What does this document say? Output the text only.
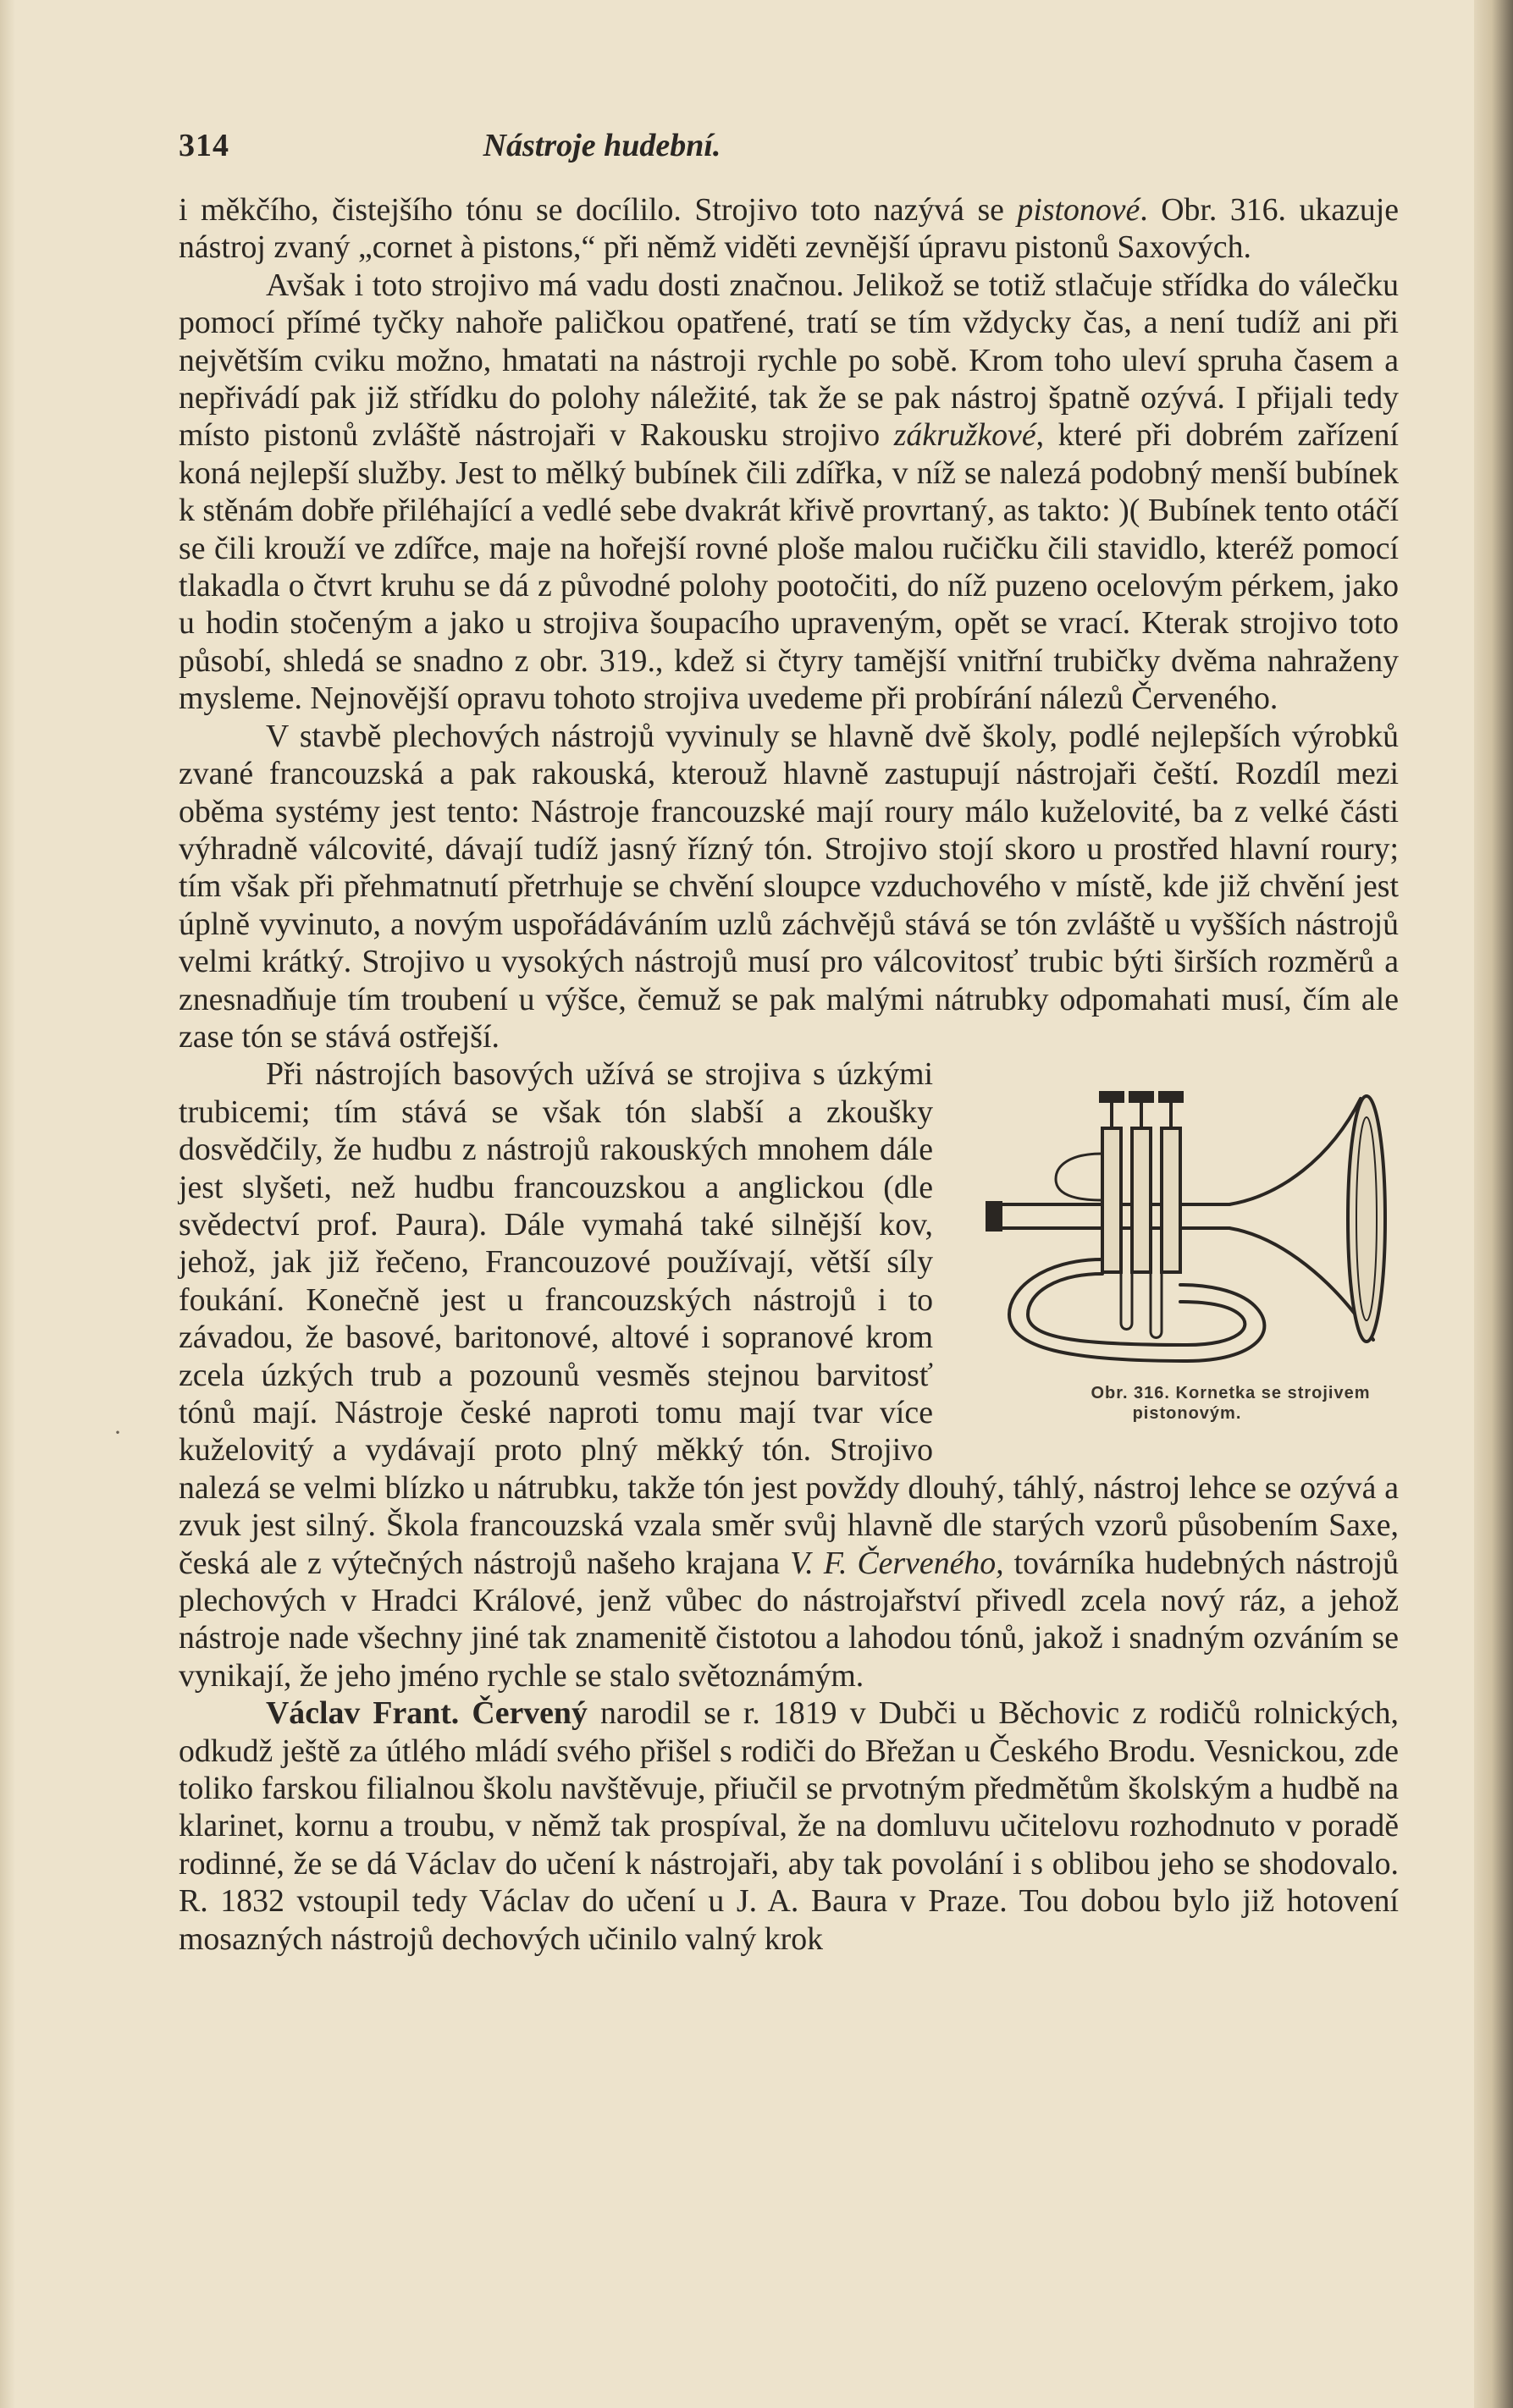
314	Nástroje hudební.

i měkčího, čistejšího tónu se docílilo. Strojivo toto nazývá se pistonové. Obr. 316. ukazuje nástroj zvaný „cornet à pistons,“ při němž viděti zevnější úpravu pistonů Saxových.

Avšak i toto strojivo má vadu dosti značnou. Jelikož se totiž stlačuje střídka do válečku pomocí přímé tyčky nahoře paličkou opatřené, tratí se tím vždycky čas, a není tudíž ani při největším cviku možno, hmatati na nástroji rychle po sobě. Krom toho uleví spruha časem a nepřivádí pak již střídku do polohy náležité, tak že se pak nástroj špatně ozývá. I přijali tedy místo pistonů zvláště nástrojaři v Rakousku strojivo zákružkové, které při dobrém zařízení koná nejlepší služby. Jest to mělký bubínek čili zdířka, v níž se nalezá podobný menší bubínek k stěnám dobře přiléhající a vedlé sebe dvakrát křivě provrtaný, as takto: )( Bubínek tento otáčí se čili krouží ve zdířce, maje na hořejší rovné ploše malou ručičku čili stavidlo, kteréž pomocí tlakadla o čtvrt kruhu se dá z původné polohy pootočiti, do níž puzeno ocelovým pérkem, jako u hodin stočeným a jako u strojiva šoupacího upraveným, opět se vrací. Kterak strojivo toto působí, shledá se snadno z obr. 319., kdež si čtyry tamější vnitřní trubičky dvěma nahraženy mysleme. Nejnovější opravu tohoto strojiva uvedeme při probírání nálezů Červeného.

V stavbě plechových nástrojů vyvinuly se hlavně dvě školy, podlé nejlepších výrobků zvané francouzská a pak rakouská, kterouž hlavně zastupují nástrojaři čeští. Rozdíl mezi oběma systémy jest tento: Nástroje francouzské mají roury málo kuželovité, ba z velké části výhradně válcovité, dávají tudíž jasný řízný tón. Strojivo stojí skoro u prostřed hlavní roury; tím však při přehmatnutí přetrhuje se chvění sloupce vzduchového v místě, kde již chvění jest úplně vyvinuto, a novým uspořádáváním uzlů záchvějů stává se tón zvláště u vyšších nástrojů velmi krátký. Strojivo u vysokých nástrojů musí pro válcovitosť trubic býti širších rozměrů a znesnadňuje tím troubení u výšce, čemuž se pak malými nátrubky odpomahati musí, čím ale zase tón se stává ostřejší.

Obr. 316. Kornetka se strojivem pistonovým.
Při nástrojích basových užívá se strojiva s úzkými trubicemi; tím stává se však tón slabší a zkoušky dosvědčily, že hudbu z nástrojů rakouských mnohem dále jest slyšeti, než hudbu francouzskou a anglickou (dle svědectví prof. Paura). Dále vymahá také silnější kov, jehož, jak již řečeno, Francouzové používají, větší síly foukání. Konečně jest u francouzských nástrojů i to závadou, že basové, baritonové, altové i sopranové krom zcela úzkých trub a pozounů vesměs stejnou barvitosť tónů mají. Nástroje české naproti tomu mají tvar více kuželovitý a vydávají proto plný měkký tón. Strojivo nalezá se velmi blízko u nátrubku, takže tón jest povždy dlouhý, táhlý, nástroj lehce se ozývá a zvuk jest silný. Škola francouzská vzala směr svůj hlavně dle starých vzorů působením Saxe, česká ale z výtečných nástrojů našeho krajana V. F. Červeného, továrníka hudebných nástrojů plechových v Hradci Králové, jenž vůbec do nástrojařství přivedl zcela nový ráz, a jehož nástroje nade všechny jiné tak znamenitě čistotou a lahodou tónů, jakož i snadným ozváním se vynikají, že jeho jméno rychle se stalo světoznámým.

Václav Frant. Červený narodil se r. 1819 v Dubči u Běchovic z rodičů rolnických, odkudž ještě za útlého mládí svého přišel s rodiči do Břežan u Českého Brodu. Vesnickou, zde toliko farskou filialnou školu navštěvuje, přiučil se prvotným předmětům školským a hudbě na klarinet, kornu a troubu, v němž tak prospíval, že na domluvu učitelovu rozhodnuto v poradě rodinné, že se dá Václav do učení k nástrojaři, aby tak povolání i s oblibou jeho se shodovalo. R. 1832 vstoupil tedy Václav do učení u J. A. Baura v Praze. Tou dobou bylo již hotovení mosazných nástrojů dechových učinilo valný krok

·
